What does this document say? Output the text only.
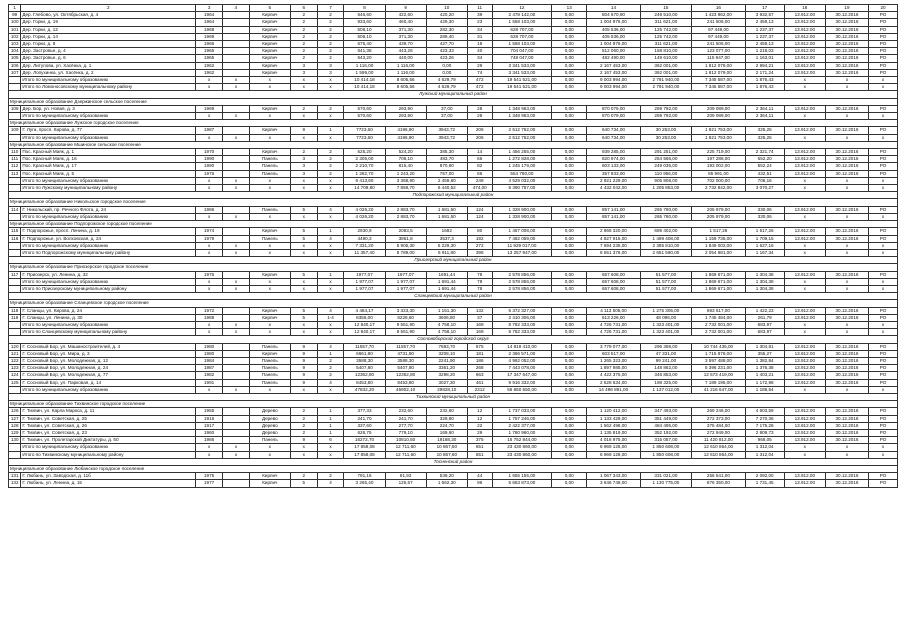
1	2	3	4	5	6	7	8	9	10	11	12	13	14	15	16	17	18	19	20
99	Дер. Глебово, ул. Октябрьская, д. 4	1964		Кирпич	2	2	646,60	422,60	420,20	39	2 478 142,00	0,00	804 670,90	249 510,00	1 423 962,00	3 932,57	13.912.00	30.12.2016	РО
100	Дер. Горки, д. 19	1964		Кирпич	2	2	933,60	460,40	429,30	23	1 558 103,00	0,00	1 004 976,00	311 621,00	241 506,00	2 459,13	13.912.00	30.12.2016	РО
101	Дер. Горки, д. 12	1968		Кирпич	2	2	508,10	371,30	282,30	34	628 707,00	0,00	405 536,00	125 742,00	97 449,00	1 237,37	13.912.00	30.12.2016	РО
102	Дер. Горки, д. 14	1969		Кирпич	2	2	508,10	371,30	289,40	31	628 707,00	0,00	405 536,00	125 742,00	97 449,00	1 237,37	13.912.00	30.12.2016	РО
103	Дер. Горки, д. 8	1966		Кирпич	2	2	675,40	439,70	427,70	18	1 558 103,00	0,00	1 004 976,00	311 621,00	241 506,00	2 459,13	13.912.00	30.12.2016	РО
104	Дер. Застровье, д. 4	1965		Кирпич	2	2	641,38	443,26	423,33	40	704 047,00	0,00	512 060,00	158 810,00	123 077,00	1 218,03	13.912.00	30.12.2016	РО
105	Дер. Застровье, д. 6	1965		Кирпич	2	2	643,20	440,00	423,26	34	748 047,00	0,00	482 490,00	149 610,00	115 947,00	1 163,01	13.912.00	30.12.2016	РО
106	Дер. Литулова, ул. Хасёнка, д. 1	1962		Кирпич	3	3	1 116,00	1 116,00	0,00	29	3 341 533,00	0,00	2 167 453,00	362 001,00	1 812 079,00	2 994,21	13.912.00	30.12.2016	РО
107	Дер. Лопухинка, ул. Хасёнка, д. 2	1962		Кирпич	3	3	1 599,00	1 116,00	0,00	74	3 341 533,00	0,00	2 167 453,00	362 001,00	1 812 079,00	2 171,24	13.912.00	30.12.2016	РО
	Итого по муниципальному образованию	x	x	x	x	x	10 414,18	8 605,56	4 629,79	472	19 541 521,00	0,00	9 003 994,00	2 791 940,00	7 345 587,00	1 876,43	x	x	x
	Итого по Ломоносовскому муниципальному району	x	x	x	x	x	10 414,18	8 605,56	4 629,79	472	19 541 521,00	0,00	9 003 994,00	2 791 940,00	7 345 587,00	1 876,43	x	x	x
Лужский муниципальный район																			
Муниципальное образование Дзержинское сельское поселение																			
108	Дер. Бор, ул. Новая, д. 3	1969		Кирпич	2	2	570,60	293,90	37,00	28	1 348 963,00	0,00	870 079,00	269 792,00	209 089,00	2 364,11	13.912.00	30.12.2016	РО
	Итого по муниципальному образованию	x	x	x	x	x	570,60	293,90	37,00	28	1 348 963,00	0,00	870 079,00	269 792,00	209 089,00	2 364,11	x	x	x
Муниципальное образование Лужское городское поселение																			
109	Г. Луга, просп. Кирова, д. 77	1987		Кирпич	9	1	7723,60	4196,90	3943,72	206	2 512 762,00	0,00	640 734,00	30 253,00	1 821 753,00	325,25	13.912.00	30.12.2016	РО
	Итого по муниципальному образованию	x	x	x	x	x	7723,60	4196,90	3943,72	206	2 512 762,00	0,00	640 734,00	30 253,00	1 821 753,00	325,25	x	x	x
Муниципальное образование Мшинское сельское поселение																			
110	Пос. Красный Маяк, д. 1	1970		Кирпич	2	2	525,20	524,20	385,30	14	1 456 255,00	0,00	939 285,00	291 251,00	225 719,00	2 321,74	13.912.00	30.12.2016	РО
111	Пос. Красный Маяк, д. 16	1990		Панель	3	2	2 305,00	706,10	483,70	66	1 272 828,00	0,00	820 974,00	254 566,00	197 288,00	552,20	13.912.00	30.12.2016	РО
112	Пос. Красный Маяк, д. 17	1990		Панель	3	2	2 210,70	815,40	870,90	82	1 245 179,00	0,00	803 133,00	249 035,00	193 002,00	552,24	13.912.00	30.12.2016	РО
113	Пос. Красный Маяк, д. 5	1976		Панель	3	2	1 282,70	1 243,20	757,00	66	554 780,00	0,00	357 833,00	110 956,00	85 991,00	432,51	13.912.00	30.12.2016	РО
	Итого по муниципальному образованию	x	x	x	x	x	6 413,60	3 368,90	2 459,80	249	4 529 032,00	0,00	2 921 229,00	905 808,00	702 000,00	706,16	x	x	x
	Итого по Лужскому муниципальному району	x	x	x	x	x	14 709,80	7 859,70	6 440,52	474,00	8 390 757,00	0,00	4 432 042,00	1 205 853,00	2 732 842,00	3 070,27	x	x	x
Подпорожский муниципальный район																			
Муниципальное образование Никольское городское поселение																			
114	Г. Никольский, пр. Речного Флота, д. 24	1986		Панель	5	4	4 026,20	2 883,70	1 681,50	124	1 328 900,00	0,00	857 141,00	265 780,00	205 979,00	330,06	13.912.00	30.12.2016	РО
	Итого по муниципальному образованию	x	x	x	x	x	4 026,20	2 883,70	1 681,50	124	1 328 900,00	0,00	857 141,00	265 780,00	205 979,00	330,06	x	x	x
Муниципальное образование Подпорожское городское поселение																			
115	Г. Подпорожье, просп. Ленина, д. 19	1974		Кирпич	5	1	2930,9	2083,5	1692	80	1 467 008,00	0,00	2 868 320,00	689 402,00	1 517,26	1 517,26	13.912.00	30.12.2016	РО
116	Г. Подпорожье, ул. Волховская, д. 24	1979		Панель	5	4	4490,3	3861,8	3537,3	192	7 482 059,00	0,00	4 827 915,00	1 499 408,00	1 159 736,00	1 709,15	13.912.00	30.12.2016	РО
	Итого по муниципальному образованию	x	x	x	x	x	7 331,20	5 905,30	5 229,30	272	11 929 017,00	0,00	7 694 235,00	2 385 810,00	1 849 002,00	1 627,16	x	x	x
	Итого по Подпорожскому муниципальному району	x	x	x	x	x	11 357,40	8 789,00	6 911,80	396	13 257 947,00	0,00	8 551 376,00	2 651 590,00	2 054 981,00	1 167,34	x	x	x
Приозерский муниципальный район																			
Муниципальное образование Приозерское городское поселение																			
117	Г. Приозерск, ул. Ленина, д. 32	1976		Кирпич	5	1	1977,07	1977,07	1691,44	78	2 578 856,00	0,00	657 608,00	51 577,00	1 869 671,00	1 304,38	13.912.00	30.12.2016	РО
	Итого по муниципальному образованию	x	x	x	x	x	1 977,07	1 977,07	1 691,44	78	2 578 856,00	0,00	657 608,00	51 577,00	1 869 671,00	1 304,38	x	x	x
	Итого по Приозерскому муниципальному району	x	x	x	x	x	1 977,07	1 977,07	1 691,44	78	2 578 856,00	0,00	657 608,00	51 577,00	1 869 671,00	1 304,38	x	x	x
Сланцевский муниципальный район																			
Муниципальное образование Сланцевское городское поселение																			
118	Г. Сланцы, ул. Кирова, д. 24	1972		Кирпич	5	4	4 484,17	3 323,30	1 151,30	132	6 372 327,00	0,00	4 113 505,00	1 275 305,00	983 517,00	1 422,23	13.912.00	30.12.2016	РО
119	Г. Сланцы, ул. Ленина, д. 30	1988		Кирпич	5	1-4	8356,00	6228,60	3606,80	37	2 410 306,00	0,00	613 226,00	48 096,00	1 745 484,00	261,79	13.912.00	30.12.2016	РО
	Итого по муниципальному образованию	x	x	x	x	x	12 840,17	9 551,90	4 758,10	169	8 782 333,00	0,00	4 726 731,00	1 323 401,00	2 732 001,00	683,97	x	x	x
	Итого по Сланцевскому муниципальному району	x	x	x	x	x	12 840,17	9 551,90	4 758,10	169	8 782 333,00	0,00	4 726 731,00	1 323 401,00	2 732 001,00	683,97	x	x	x
Сосновоборский городской округ																			
120	Г. Сосновый Бор, ул. Машиностроителей, д. 4	1980		Панель	9	4	11557,70	11557,70	7683,70	575	14 819 410,00	0,00	3 779 077,00	296 398,00	10 744 435,00	1 304,81	13.912.00	30.12.2016	РО
121	Г. Сосновый Бор, ул. Мира, д. 3	1980		Кирпич	9	1	6661,80	4731,90	3208,10	181	2 366 571,00	0,00	603 517,00	47 331,00	1 715 879,00	355,27	13.912.00	30.12.2016	РО
122	Г. Сосновый Бор, ул. Молодежная, д. 12	1984		Панель	9	2	3588,30	3588,30	2241,90	186	4 962 052,00	0,00	1 265 323,00	99 241,00	3 597 488,00	1 382,84	13.912.00	30.12.2016	РО
123	Г. Сосновый Бор, ул. Молодежная, д. 24	1987		Панель	9	2	5407,80	5407,80	3361,20	268	7 443 078,00	0,00	1 897 985,00	148 862,00	5 396 231,00	1 376,38	13.912.00	30.12.2016	РО
124	Г. Сосновый Бор, ул. Молодежная, д. 77	1982		Панель	9	2	12362,80	12362,80	3298,20	663	17 347 647,00	0,00	4 422 375,00	346 853,00	12 573 419,00	1 403,21	13.912.00	30.12.2016	РО
125	Г. Сосновый Бор, ул. Парковая, д. 14	1991		Панель	9	4	8453,80	8453,80	3027,30	461	9 916 332,00	0,00	2 528 634,00	198 325,00	7 189 195,00	1 172,98	13.912.00	30.12.2016	РО
	Итого по муниципальному образованию	x	x	x	x	x	47832,20	45902,10	29828,10	2312	56 850 550,00	0,00	14 496 891,00	1 137 012,00	41 216 647,00	1 188,54	x	x	x
Тихвинский муниципальный район																			
Муниципальное образование Тихвинское городское поселение																			
126	Г. Тихвин, ул. Карла Маркса, д. 11	1955		Дерево	2	1	377,33	232,60	232,60	12	1 737 033,00	0,00	1 120 412,00	347 493,00	269 246,00	4 603,59	13.912.00	30.12.2016	РО
127	Г. Тихвин, ул. Советская, д. 25	1916		Дерево	2	1	241,70	241,70	329,80	12	1 757 246,00	0,00	1 133 429,00	351 449,00	272 373,00	7 270,36	13.912.00	30.12.2016	РО
128	Г. Тихвин, ул. Советская, д. 26	1917		Дерево	2	1	337,60	277,70	224,70	22	2 422 377,00	0,00	1 562 498,00	484 495,00	375 484,00	7 175,28	13.912.00	30.12.2016	РО
129	Г. Тихвин, ул. Советская, д. 23	1960		Дерево	2	1	626,75	779,10	169,60	29	1 760 960,00	0,00	1 135 819,00	352 192,00	272 949,00	2 809,73	13.912.00	30.12.2016	РО
130	Г. Тихвин, ул. Пролетарской Диктатуры, д. 50	1986		Панель	9	6	16272,70	10810,50	19188,30	375	15 752 844,00	0,00	4 016 975,00	315 057,00	11 420 812,00	968,05	13.912.00	30.12.2016	РО
	Итого по муниципальному образованию	x	x	x	x	x	17 858,08	12 711,60	10 867,60	651	23 430 860,00	0,00	8 969 128,00	1 850 608,00	12 610 864,00	1 312,04	x	x	x
	Итого по Тихвинскому муниципальному району	x	x	x	x	x	17 858,08	12 711,60	10 867,60	651	23 430 860,00	0,00	8 969 128,00	1 850 608,00	12 610 864,00	1 312,04	x	x	x
Тосненский район																			
Муниципальное образование Любанское городское поселение																			
131	Г. Любань, ул. Заводская, д. 11б	1975		Кирпич	2	2	791,16	81,93	539,20	44	1 655 155,00	0,00	1 067 343,00	331 021,00	256 541,00	2 092,00	13.912.00	30.12.2016	РО
132	Г. Любань, ул. Ленина, д. 15	1977		Кирпич	5	4	3 265,40	125,57	1 662,30	96	5 653 873,00	0,00	3 646 748,00	1 130 775,00	876 350,00	1 731,45	13.912.00	30.12.2016	РО
